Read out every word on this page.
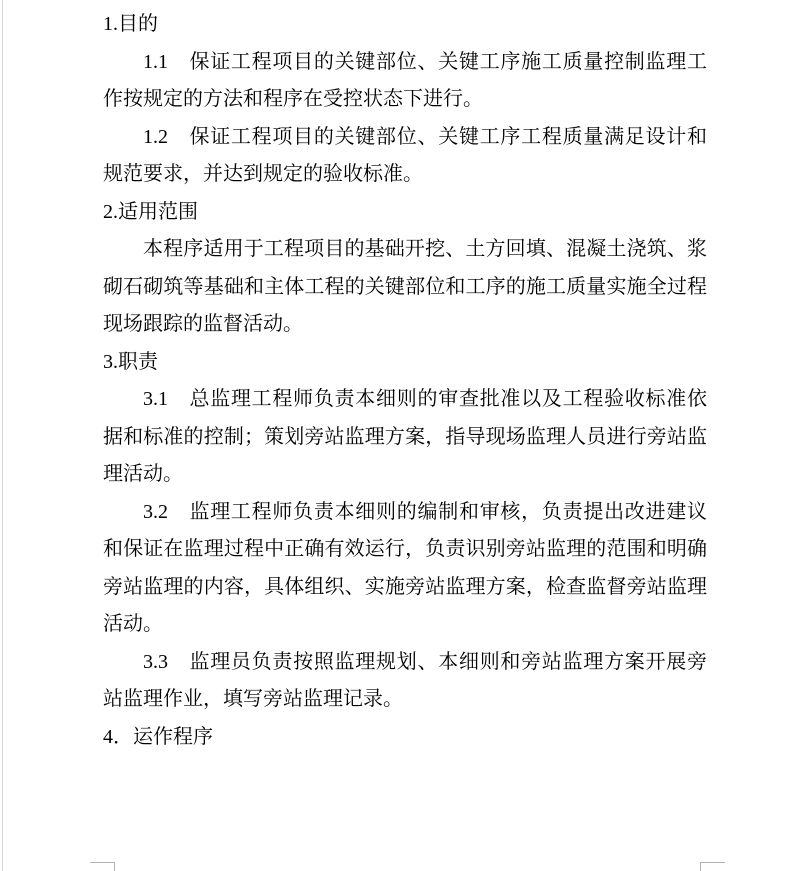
1.目的

1.1　保证工程项目的关键部位、关键工序施工质量控制监理工作按规定的方法和程序在受控状态下进行。

1.2　保证工程项目的关键部位、关键工序工程质量满足设计和规范要求，并达到规定的验收标准。

2.适用范围

本程序适用于工程项目的基础开挖、土方回填、混凝土浇筑、浆砌石砌筑等基础和主体工程的关键部位和工序的施工质量实施全过程现场跟踪的监督活动。

3.职责

3.1　总监理工程师负责本细则的审查批准以及工程验收标准依据和标准的控制；策划旁站监理方案，指导现场监理人员进行旁站监理活动。

3.2　监理工程师负责本细则的编制和审核，负责提出改进建议和保证在监理过程中正确有效运行，负责识别旁站监理的范围和明确旁站监理的内容，具体组织、实施旁站监理方案，检查监督旁站监理活动。

3.3　监理员负责按照监理规划、本细则和旁站监理方案开展旁站监理作业，填写旁站监理记录。

4．运作程序
